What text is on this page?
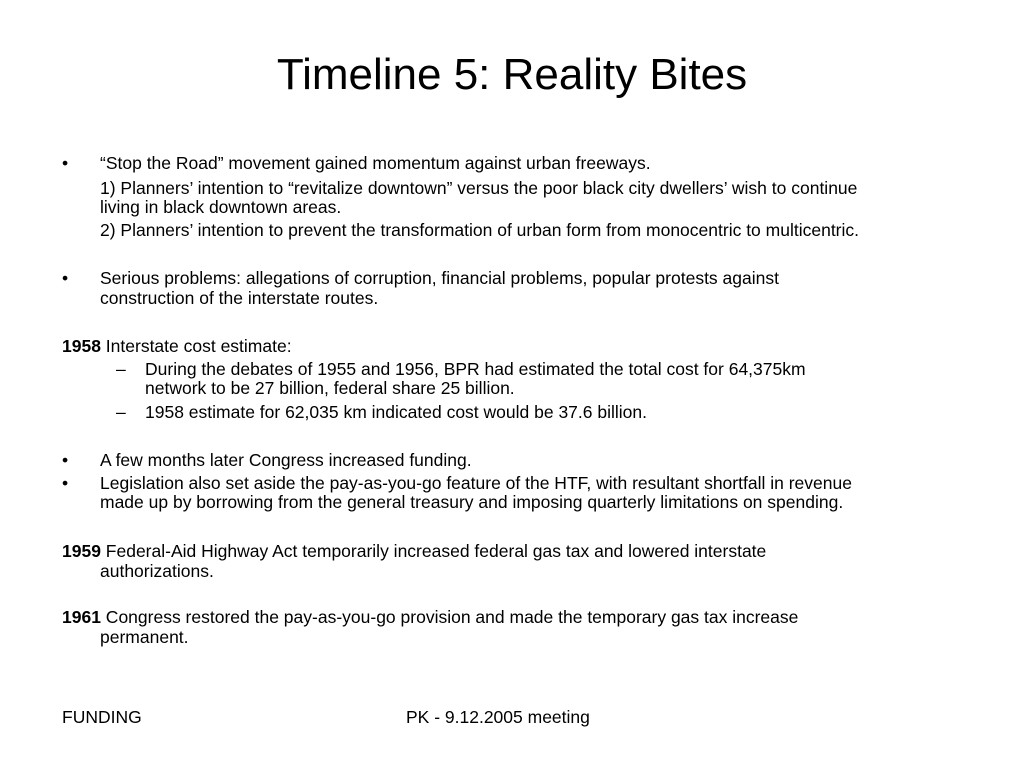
Timeline 5: Reality Bites
• “Stop the Road” movement gained momentum against urban freeways.
1) Planners’ intention to “revitalize downtown” versus the poor black city dwellers’ wish to continue
living in black downtown areas.
2) Planners’ intention to prevent the transformation of urban form from monocentric to multicentric.
• Serious problems: allegations of corruption, financial problems, popular protests against
construction of the interstate routes.
1958 Interstate cost estimate:
– During the debates of 1955 and 1956, BPR had estimated the total cost for 64,375km
network to be 27 billion, federal share 25 billion.
– 1958 estimate for 62,035 km indicated cost would be 37.6 billion.
• A few months later Congress increased funding.
• Legislation also set aside the pay-as-you-go feature of the HTF, with resultant shortfall in revenue
made up by borrowing from the general treasury and imposing quarterly limitations on spending.
1959 Federal-Aid Highway Act temporarily increased federal gas tax and lowered interstate
authorizations.
1961 Congress restored the pay-as-you-go provision and made the temporary gas tax increase
permanent.
FUNDING	PK - 9.12.2005 meeting
